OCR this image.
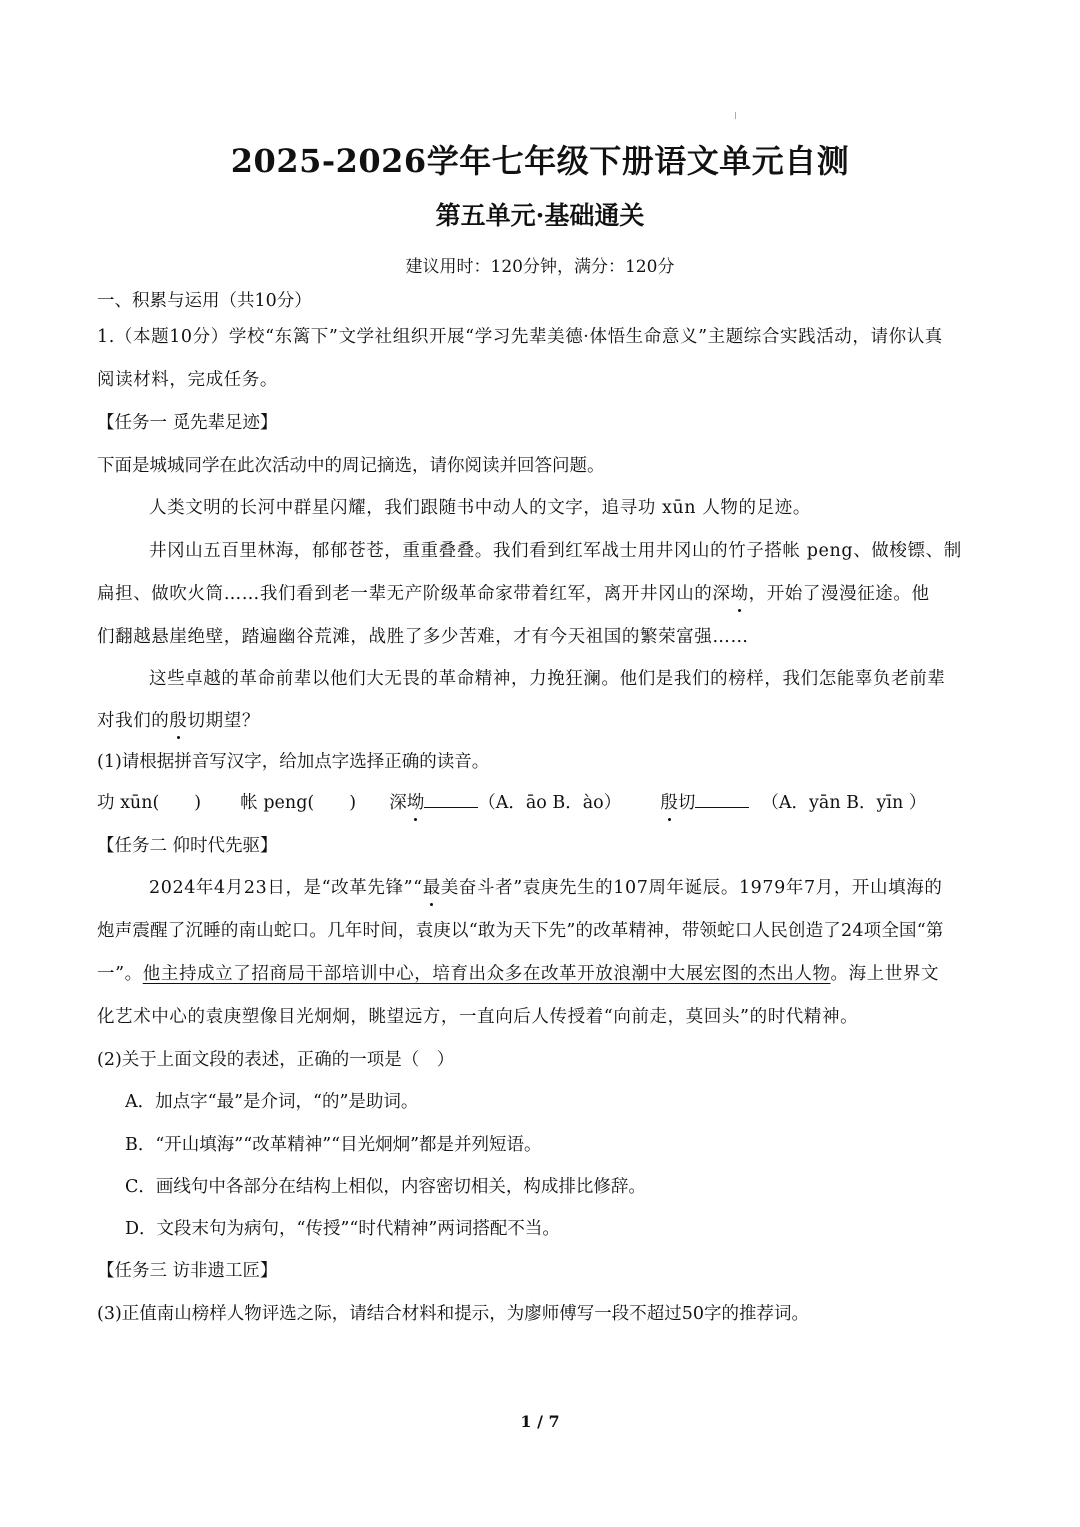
2025-2026学年七年级下册语文单元自测
第五单元·基础通关
建议用时：120分钟，满分：120分
一、积累与运用（共10分）
1.（本题10分）学校“东篱下”文学社组织开展“学习先辈美德·体悟生命意义”主题综合实践活动，请你认真
阅读材料，完成任务。
【任务一 觅先辈足迹】
下面是城城同学在此次活动中的周记摘选，请你阅读并回答问题。
人类文明的长河中群星闪耀，我们跟随书中动人的文字，追寻功 xūn 人物的足迹。
井冈山五百里林海，郁郁苍苍，重重叠叠。我们看到红军战士用井冈山的竹子搭帐 peng、做梭镖、制
扁担、做吹火筒……我们看到老一辈无产阶级革命家带着红军，离开井冈山的深坳，开始了漫漫征途。他
们翻越悬崖绝壁，踏遍幽谷荒滩，战胜了多少苦难，才有今天祖国的繁荣富强……
这些卓越的革命前辈以他们大无畏的革命精神，力挽狂澜。他们是我们的榜样，我们怎能辜负老前辈
对我们的殷切期望？
(1)请根据拼音写汉字，给加点字选择正确的读音。
功 xūn(　　) 帐 peng(　　) 深坳	（A．āo B．ào） 殷切	（A．yān B．yīn ）
【任务二 仰时代先驱】
2024年4月23日，是“改革先锋”“最美奋斗者”袁庚先生的107周年诞辰。1979年7月，开山填海的
炮声震醒了沉睡的南山蛇口。几年时间，袁庚以“敢为天下先”的改革精神，带领蛇口人民创造了24项全国“第
一”。他主持成立了招商局干部培训中心，培育出众多在改革开放浪潮中大展宏图的杰出人物。海上世界文
化艺术中心的袁庚塑像目光炯炯，眺望远方，一直向后人传授着“向前走，莫回头”的时代精神。
(2)关于上面文段的表述，正确的一项是（　）
A．加点字“最”是介词，“的”是助词。
B．“开山填海”“改革精神”“目光炯炯”都是并列短语。
C．画线句中各部分在结构上相似，内容密切相关，构成排比修辞。
D．文段末句为病句，“传授”“时代精神”两词搭配不当。
【任务三 访非遗工匠】
(3)正值南山榜样人物评选之际，请结合材料和提示，为廖师傅写一段不超过50字的推荐词。
1 / 7
